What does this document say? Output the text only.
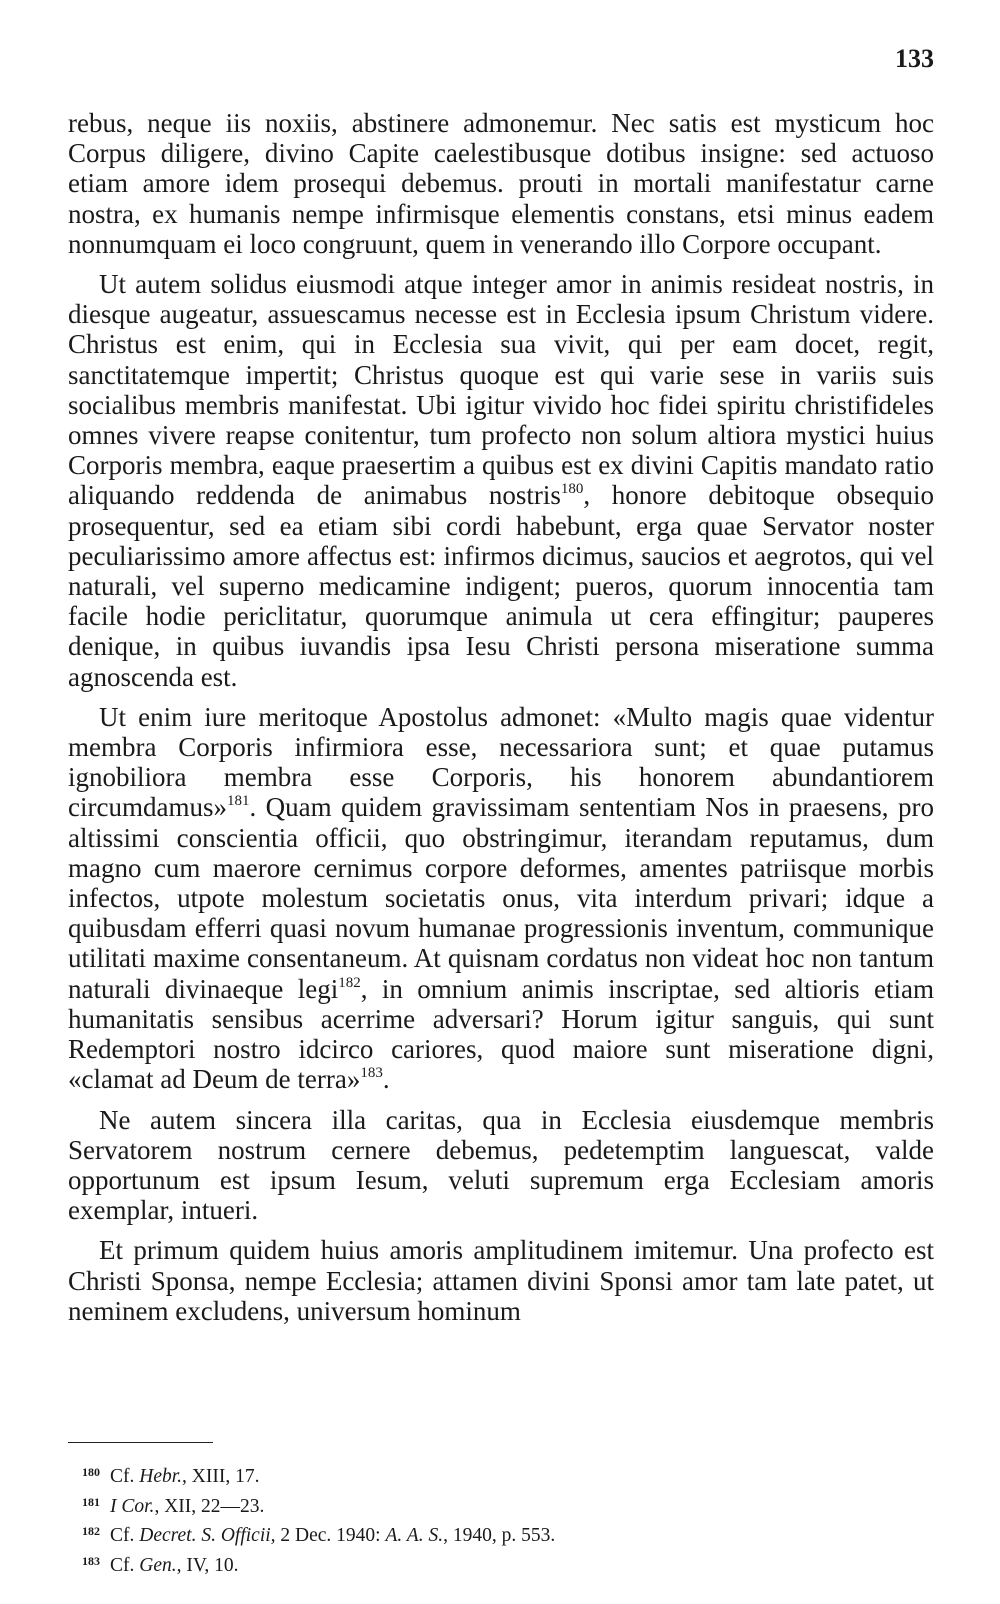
133

rebus, neque iis noxiis, abstinere admonemur. Nec satis est mysticum hoc Corpus diligere, divino Capite caelestibusque dotibus insigne: sed actuoso etiam amore idem prosequi debemus. prouti in mortali manifestatur carne nostra, ex humanis nempe infirmisque elementis constans, etsi minus eadem nonnumquam ei loco congruunt, quem in venerando illo Corpore occupant.

Ut autem solidus eiusmodi atque integer amor in animis resideat nostris, in diesque augeatur, assuescamus necesse est in Ecclesia ipsum Christum videre. Christus est enim, qui in Ecclesia sua vivit, qui per eam docet, regit, sanctitatemque impertit; Christus quoque est qui varie sese in variis suis socialibus membris manifestat. Ubi igitur vivido hoc fidei spiritu christifideles omnes vivere reapse conitentur, tum profecto non solum altiora mystici huius Corporis membra, eaque praesertim a quibus est ex divini Capitis mandato ratio aliquando reddenda de animabus nostris$^{180}$, honore debitoque obsequio prosequentur, sed ea etiam sibi cordi habebunt, erga quae Servator noster peculiarissimo amore affectus est: infirmos dicimus, saucios et aegrotos, qui vel naturali, vel superno medicamine indigent; pueros, quorum innocentia tam facile hodie periclitatur, quorumque animula ut cera effingitur; pauperes denique, in quibus iuvandis ipsa Iesu Christi persona miseratione summa agnoscenda est.

Ut enim iure meritoque Apostolus admonet: «Multo magis quae videntur membra Corporis infirmiora esse, necessariora sunt; et quae putamus ignobiliora membra esse Corporis, his honorem abundantiorem circumdamus»$^{181}$. Quam quidem gravissimam sententiam Nos in praesens, pro altissimi conscientia officii, quo obstringimur, iterandam reputamus, dum magno cum maerore cernimus corpore deformes, amentes patriisque morbis infectos, utpote molestum societatis onus, vita interdum privari; idque a quibusdam efferri quasi novum humanae progressionis inventum, communique utilitati maxime consentaneum. At quisnam cordatus non videat hoc non tantum naturali divinaeque legi$^{182}$, in omnium animis inscriptae, sed altioris etiam humanitatis sensibus acerrime adversari? Horum igitur sanguis, qui sunt Redemptori nostro idcirco cariores, quod maiore sunt miseratione digni, «clamat ad Deum de terra»$^{183}$.

Ne autem sincera illa caritas, qua in Ecclesia eiusdemque membris Servatorem nostrum cernere debemus, pedetemptim languescat, valde opportunum est ipsum Iesum, veluti supremum erga Ecclesiam amoris exemplar, intueri.

Et primum quidem huius amoris amplitudinem imitemur. Una profecto est Christi Sponsa, nempe Ecclesia; attamen divini Sponsi amor tam late patet, ut neminem excludens, universum hominum

$^{180}$ Cf. Hebr., XIII, 17.
$^{181}$ I Cor., XII, 22—23.
$^{182}$ Cf. Decret. S. Officii, 2 Dec. 1940: A. A. S., 1940, p. 553.
$^{183}$ Cf. Gen., IV, 10.
